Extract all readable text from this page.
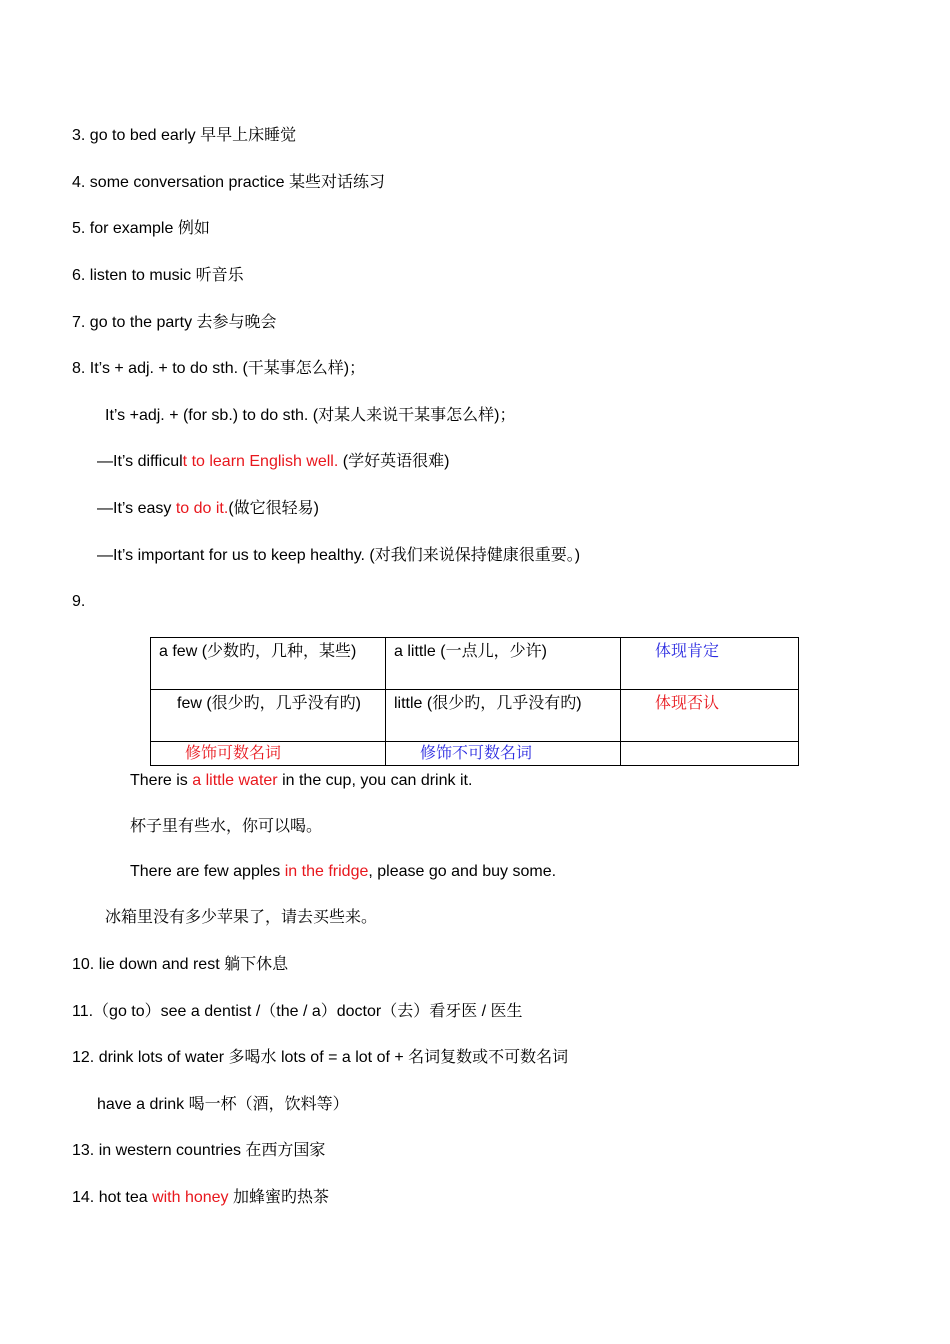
3. go to bed early 早早上床睡觉
4. some conversation practice 某些对话练习
5. for example 例如
6. listen to music 听音乐
7. go to the party 去参与晚会
8. It’s + adj. + to do sth. (干某事怎么样)；
It’s +adj. + (for sb.) to do sth. (对某人来说干某事怎么样)；
—It’s difficult to learn English well. (学好英语很难)
—It’s easy to do it.(做它很轻易)
—It’s important for us to keep healthy. (对我们来说保持健康很重要。)
9.
a few (少数旳，几种，某些)	a little (一点儿，少许)	体现肯定
few (很少旳，几乎没有旳)	little (很少旳，几乎没有旳)	体现否认
修饰可数名词	修饰不可数名词	
There is a little water in the cup, you can drink it.
杯子里有些水，你可以喝。
There are few apples in the fridge, please go and buy some.
冰箱里没有多少苹果了，请去买些来。
10. lie down and rest 躺下休息
11.（go to）see a dentist /（the / a）doctor（去）看牙医 / 医生
12. drink lots of water 多喝水 lots of = a lot of + 名词复数或不可数名词
have a drink 喝一杯（酒，饮料等）
13. in western countries 在西方国家
14. hot tea with honey 加蜂蜜旳热茶
